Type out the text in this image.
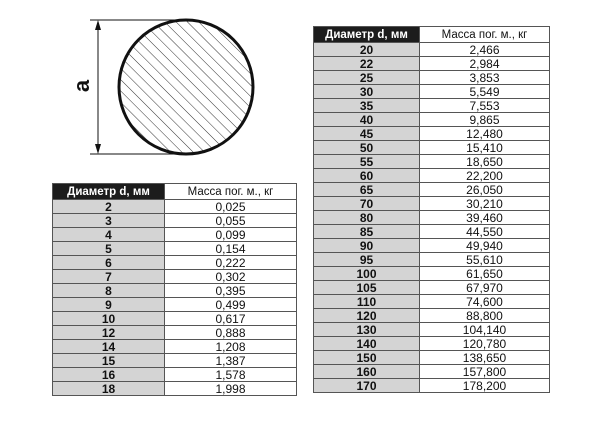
a
Диаметр d, мм	Масса пог. м., кг
2	0,025
3	0,055
4	0,099
5	0,154
6	0,222
7	0,302
8	0,395
9	0,499
10	0,617
12	0,888
14	1,208
15	1,387
16	1,578
18	1,998
Диаметр d, мм	Масса пог. м., кг
20	2,466
22	2,984
25	3,853
30	5,549
35	7,553
40	9,865
45	12,480
50	15,410
55	18,650
60	22,200
65	26,050
70	30,210
80	39,460
85	44,550
90	49,940
95	55,610
100	61,650
105	67,970
110	74,600
120	88,800
130	104,140
140	120,780
150	138,650
160	157,800
170	178,200
